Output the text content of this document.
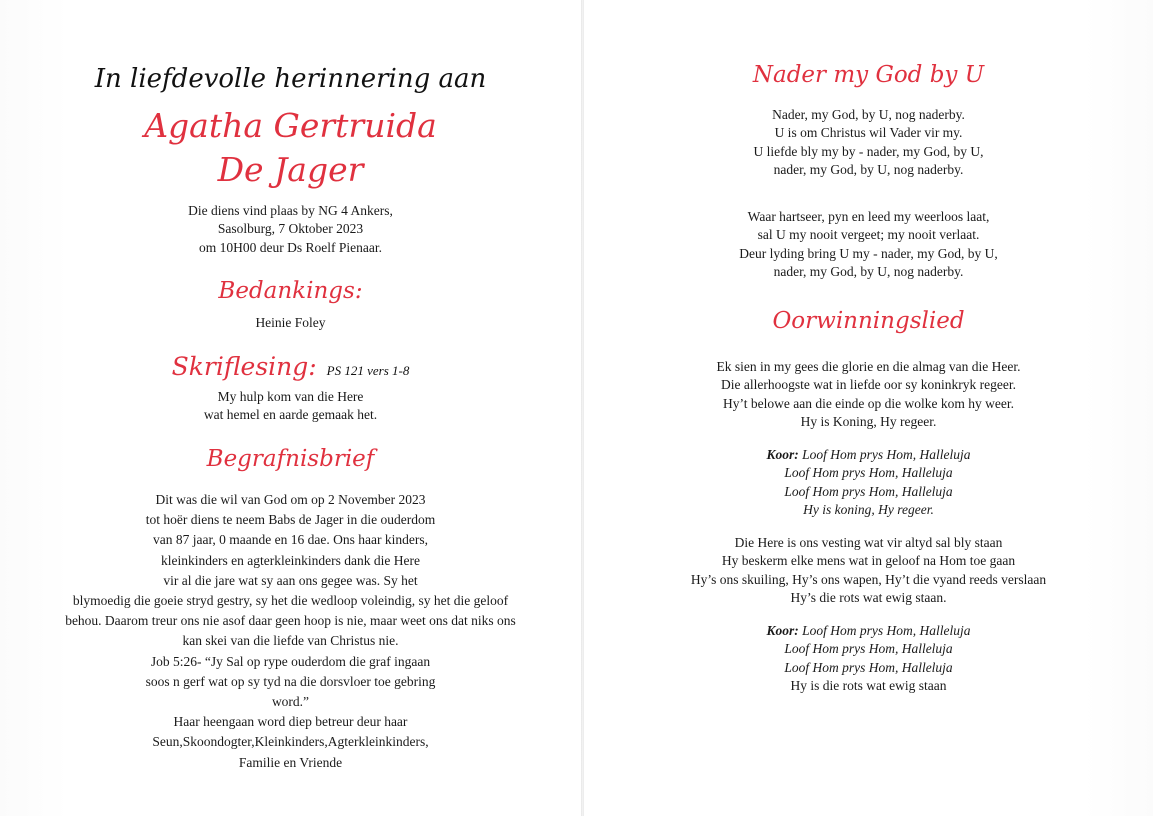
In liefdevolle herinnering aan
Agatha Gertruida
De Jager
Die diens vind plaas by NG 4 Ankers,
Sasolburg, 7 Oktober 2023
om 10H00 deur Ds Roelf Pienaar.
Bedankings:
Heinie Foley
Skriflesing: PS 121 vers 1-8
My hulp kom van die Here
wat hemel en aarde gemaak het.
Begrafnisbrief
Dit was die wil van God om op 2 November 2023
tot hoër diens te neem Babs de Jager in die ouderdom
van 87 jaar, 0 maande en 16 dae. Ons haar kinders,
kleinkinders en agterkleinkinders dank die Here
vir al die jare wat sy aan ons gegee was. Sy het
blymoedig die goeie stryd gestry, sy het die wedloop voleindig, sy het die geloof
behou. Daarom treur ons nie asof daar geen hoop is nie, maar weet ons dat niks ons
kan skei van die liefde van Christus nie.
Job 5:26- “Jy Sal op rype ouderdom die graf ingaan
soos n gerf wat op sy tyd na die dorsvloer toe gebring
word.”
Haar heengaan word diep betreur deur haar
Seun,Skoondogter,Kleinkinders,Agterkleinkinders,
Familie en Vriende
Nader my God by U
Nader, my God, by U, nog naderby.
U is om Christus wil Vader vir my.
U liefde bly my by - nader, my God, by U,
nader, my God, by U, nog naderby.
Waar hartseer, pyn en leed my weerloos laat,
sal U my nooit vergeet; my nooit verlaat.
Deur lyding bring U my - nader, my God, by U,
nader, my God, by U, nog naderby.
Oorwinningslied
Ek sien in my gees die glorie en die almag van die Heer.
Die allerhoogste wat in liefde oor sy koninkryk regeer.
Hy’t belowe aan die einde op die wolke kom hy weer.
Hy is Koning, Hy regeer.
Koor: Loof Hom prys Hom, Halleluja
Loof Hom prys Hom, Halleluja
Loof Hom prys Hom, Halleluja
Hy is koning, Hy regeer.
Die Here is ons vesting wat vir altyd sal bly staan
Hy beskerm elke mens wat in geloof na Hom toe gaan
Hy’s ons skuiling, Hy’s ons wapen, Hy’t die vyand reeds verslaan
Hy’s die rots wat ewig staan.
Koor: Loof Hom prys Hom, Halleluja
Loof Hom prys Hom, Halleluja
Loof Hom prys Hom, Halleluja
Hy is die rots wat ewig staan
